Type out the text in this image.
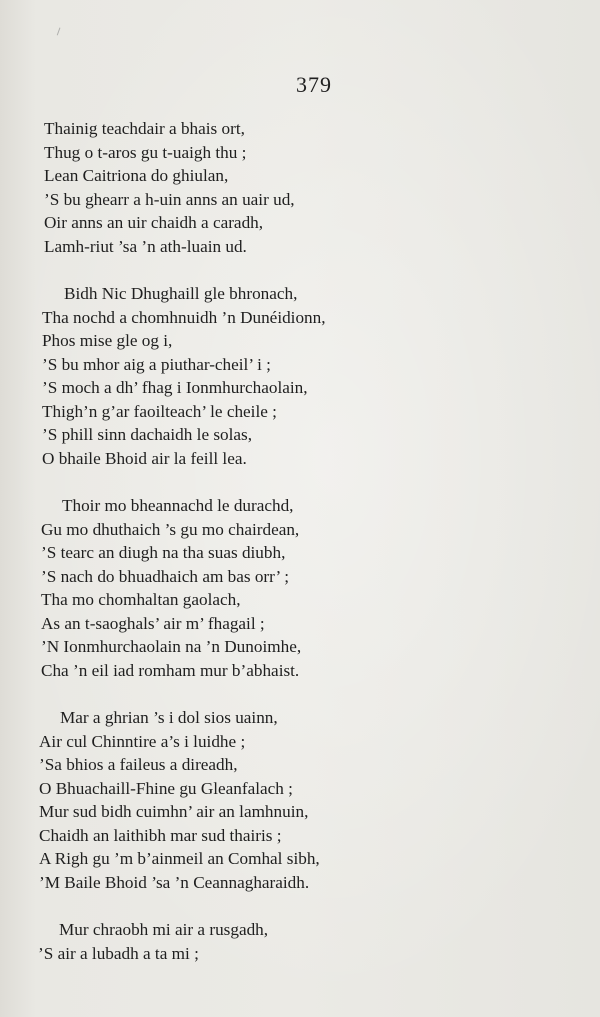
379
Thainig teachdair a bhais ort,
Thug o t-aros gu t-uaigh thu ;
Lean Caitriona do ghiulan,
’S bu ghearr a h-uin anns an uair ud,
Oir anns an uir chaidh a caradh,
Lamh-riut ’sa ’n ath-luain ud.
Bidh Nic Dhughaill gle bhronach,
Tha nochd a chomhnuidh ’n Dunéidionn,
Phos mise gle og i,
’S bu mhor aig a piuthar-cheil’ i ;
’S moch a dh’ fhag i Ionmhurchaolain,
Thigh’n g’ar faoilteach’ le cheile ;
’S phill sinn dachaidh le solas,
O bhaile Bhoid air la feill lea.
Thoir mo bheannachd le durachd,
Gu mo dhuthaich ’s gu mo chairdean,
’S tearc an diugh na tha suas diubh,
’S nach do bhuadhaich am bas orr’ ;
Tha mo chomhaltan gaolach,
As an t-saoghals’ air m’ fhagail ;
’N Ionmhurchaolain na ’n Dunoimhe,
Cha ’n eil iad romham mur b’abhaist.
Mar a ghrian ’s i dol sios uainn,
Air cul Chinntire a’s i luidhe ;
’Sa bhios a faileus a direadh,
O Bhuachaill-Fhine gu Gleanfalach ;
Mur sud bidh cuimhn’ air an lamhnuin,
Chaidh an laithibh mar sud thairis ;
A Righ gu ’m b’ainmeil an Comhal sibh,
’M Baile Bhoid ’sa ’n Ceannagharaidh.
Mur chraobh mi air a rusgadh,
’S air a lubadh a ta mi ;
